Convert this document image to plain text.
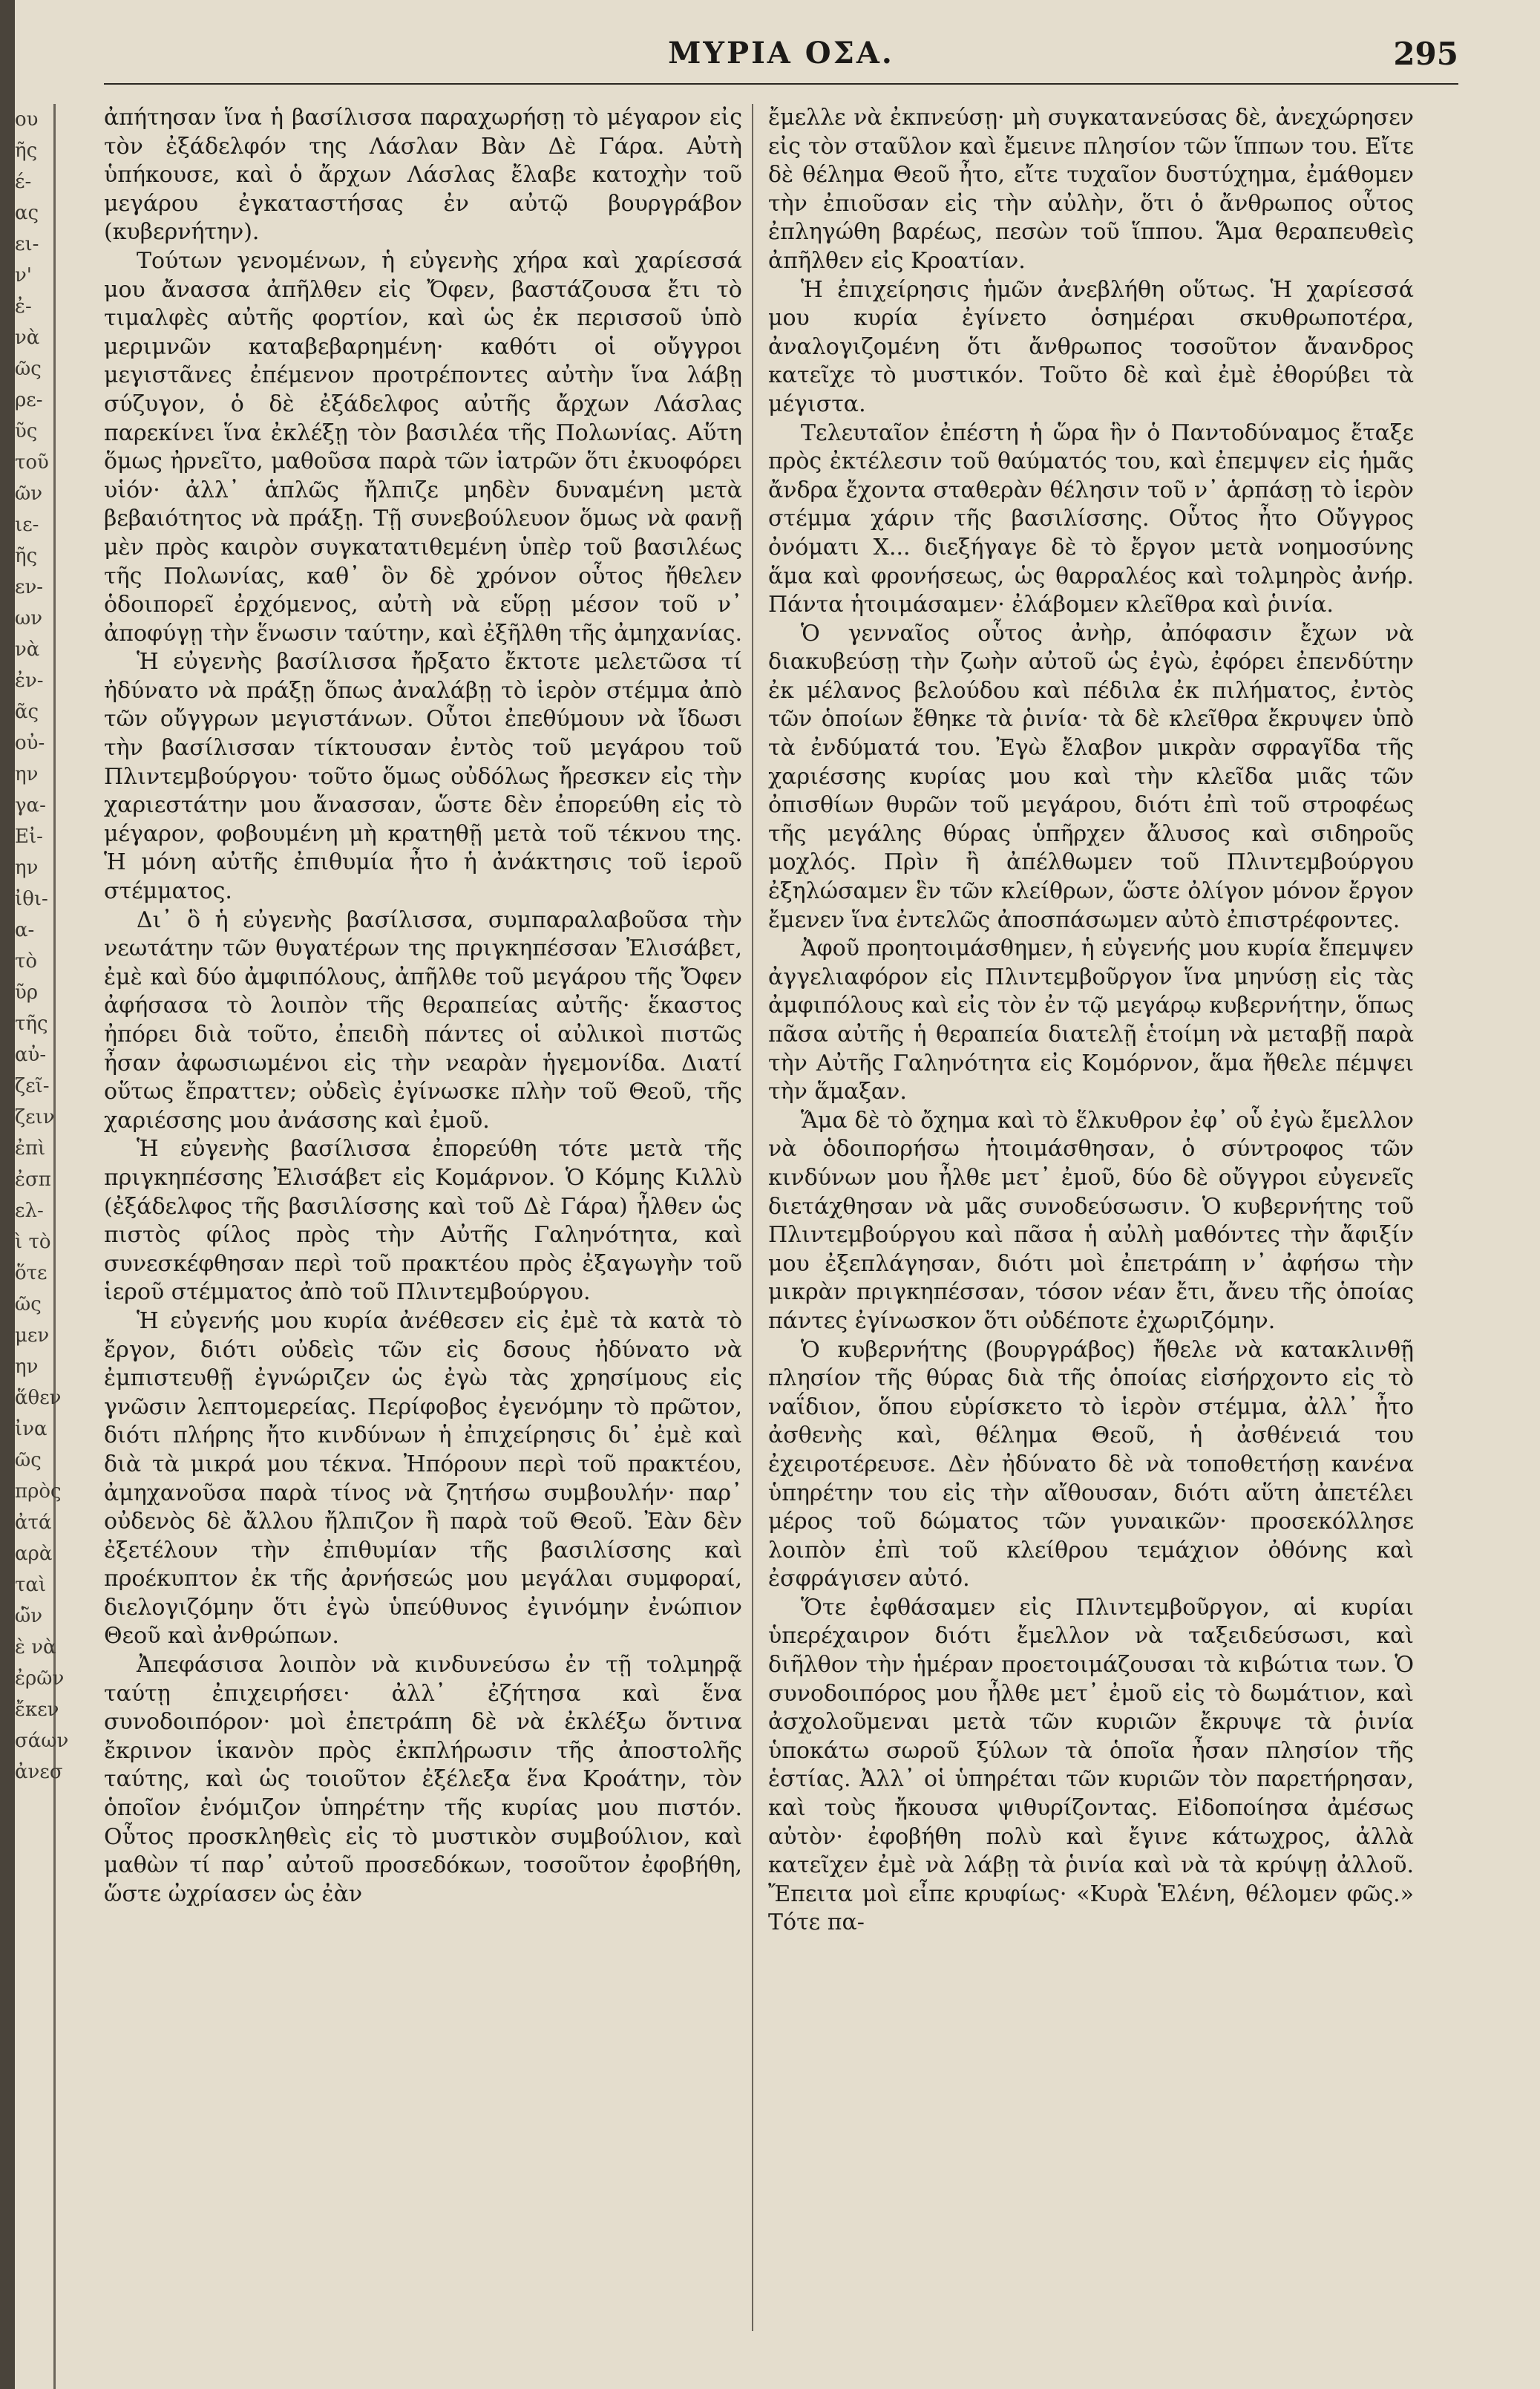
ου
ῆς
έ-
ας
ει-
ν'
ἐ-
νὰ
ῶς
ρε-
ῦς
τοῦ
ῶν
ιε-
ῆς
εν-
ων
νὰ
ἐν-
ᾶς
οὐ-
ην
γα-
Εἰ-
ην
ἰθι-
α-
τὸ
ῦρ
τῆς
αὐ-
ζεῖ-
ζειν
ἐπὶ
ἐσπ
ελ-
ὶ τὸ
ὅτε
ῶς
μεν
ην
ἅθεν
ἰνα
ῶς
πρὸς
ἀτά
αρὰ
ταὶ
ὡ̃ν
ὲ νὰ
ἐρῶν
ἔκεν
σάων
ἀνεσ
ΜΥΡΙΑ ΟΣΑ.	295

ἀπήτησαν ἵνα ἡ βασίλισσα παραχωρήσῃ τὸ μέγαρον εἰς τὸν ἐξάδελφόν της Λάσλαν Βὰν Δὲ Γάρα. Αὐτὴ ὑπήκουσε, καὶ ὁ ἄρχων Λάσλας ἔλαβε κατοχὴν τοῦ μεγάρου ἐγκαταστήσας ἐν αὐτῷ βουργράβον (κυβερνήτην).

Τούτων γενομένων, ἡ εὐγενὴς χήρα καὶ χαρίεσσά μου ἄνασσα ἀπῆλθεν εἰς Ὄφεν, βαστάζουσα ἔτι τὸ τιμαλφὲς αὐτῆς φορτίον, καὶ ὡς ἐκ περισσοῦ ὑπὸ μεριμνῶν καταβεβαρημένη· καθότι οἱ οὔγγροι μεγιστᾶνες ἐπέμενον προτρέποντες αὐτὴν ἵνα λάβῃ σύζυγον, ὁ δὲ ἐξάδελφος αὐτῆς ἄρχων Λάσλας παρεκίνει ἵνα ἐκλέξῃ τὸν βασιλέα τῆς Πολωνίας. Αὕτη ὅμως ἠρνεῖτο, μαθοῦσα παρὰ τῶν ἰατρῶν ὅτι ἐκυοφόρει υἱόν· ἀλλ᾿ ἁπλῶς ἤλπιζε μηδὲν δυναμένη μετὰ βεβαιότητος νὰ πράξῃ. Τῇ συνεβούλευον ὅμως νὰ φανῇ μὲν πρὸς καιρὸν συγκατατιθεμένη ὑπὲρ τοῦ βασιλέως τῆς Πολωνίας, καθ᾿ ὃν δὲ χρόνον οὗτος ἤθελεν ὁδοιπορεῖ ἐρχόμενος, αὐτὴ νὰ εὕρῃ μέσον τοῦ ν᾿ ἀποφύγῃ τὴν ἕνωσιν ταύτην, καὶ ἐξῆλθη τῆς ἀμηχανίας.

Ἡ εὐγενὴς βασίλισσα ἤρξατο ἔκτοτε μελετῶσα τί ἠδύνατο νὰ πράξῃ ὅπως ἀναλάβῃ τὸ ἱερὸν στέμμα ἀπὸ τῶν οὔγγρων μεγιστάνων. Οὗτοι ἐπεθύμουν νὰ ἴδωσι τὴν βασίλισσαν τίκτουσαν ἐντὸς τοῦ μεγάρου τοῦ Πλιντεμβούργου· τοῦτο ὅμως οὐδόλως ἤρεσκεν εἰς τὴν χαριεστάτην μου ἄνασσαν, ὥστε δὲν ἐπορεύθη εἰς τὸ μέγαρον, φοβουμένη μὴ κρατηθῇ μετὰ τοῦ τέκνου της. Ἡ μόνη αὐτῆς ἐπιθυμία ἦτο ἡ ἀνάκτησις τοῦ ἱεροῦ στέμματος.

Δι᾿ ὃ ἡ εὐγενὴς βασίλισσα, συμπαραλαβοῦσα τὴν νεωτάτην τῶν θυγατέρων της πριγκηπέσσαν Ἐλισάβετ, ἐμὲ καὶ δύο ἀμφιπόλους, ἀπῆλθε τοῦ μεγάρου τῆς Ὄφεν ἀφήσασα τὸ λοιπὸν τῆς θεραπείας αὐτῆς· ἕκαστος ἠπόρει διὰ τοῦτο, ἐπειδὴ πάντες οἱ αὐλικοὶ πιστῶς ἦσαν ἀφωσιωμένοι εἰς τὴν νεαρὰν ἡγεμονίδα. Διατί οὕτως ἔπραττεν; οὐδεὶς ἐγίνωσκε πλὴν τοῦ Θεοῦ, τῆς χαριέσσης μου ἀνάσσης καὶ ἐμοῦ.

Ἡ εὐγενὴς βασίλισσα ἐπορεύθη τότε μετὰ τῆς πριγκηπέσσης Ἐλισάβετ εἰς Κομάρνον. Ὁ Κόμης Κιλλὺ (ἐξάδελφος τῆς βασιλίσσης καὶ τοῦ Δὲ Γάρα) ἦλθεν ὡς πιστὸς φίλος πρὸς τὴν Αὐτῆς Γαληνότητα, καὶ συνεσκέφθησαν περὶ τοῦ πρακτέου πρὸς ἐξαγωγὴν τοῦ ἱεροῦ στέμματος ἀπὸ τοῦ Πλιντεμβούργου.

Ἡ εὐγενής μου κυρία ἀνέθεσεν εἰς ἐμὲ τὰ κατὰ τὸ ἔργον, διότι οὐδεὶς τῶν εἰς δσους ἠδύνατο νὰ ἐμπιστευθῇ ἐγνώριζεν ὡς ἐγὼ τὰς χρησίμους εἰς γνῶσιν λεπτομερείας. Περίφοβος ἐγενόμην τὸ πρῶτον, διότι πλήρης ἤτο κινδύνων ἡ ἐπιχείρησις δι᾿ ἐμὲ καὶ διὰ τὰ μικρά μου τέκνα. Ἠπόρουν περὶ τοῦ πρακτέου, ἀμηχανοῦσα παρὰ τίνος νὰ ζητήσω συμβουλήν· παρ᾿ οὐδενὸς δὲ ἄλλου ἤλπιζον ἢ παρὰ τοῦ Θεοῦ. Ἐὰν δὲν ἐξετέλουν τὴν ἐπιθυμίαν τῆς βασιλίσσης καὶ προέκυπτον ἐκ τῆς ἀρνήσεώς μου μεγάλαι συμφοραί, διελογιζόμην ὅτι ἐγὼ ὑπεύθυνος ἐγινόμην ἐνώπιον Θεοῦ καὶ ἀνθρώπων.

Ἀπεφάσισα λοιπὸν νὰ κινδυνεύσω ἐν τῇ τολμηρᾷ ταύτῃ ἐπιχειρήσει· ἀλλ᾿ ἐζήτησα καὶ ἕνα συνοδοιπόρον· μοὶ ἐπετράπη δὲ νὰ ἐκλέξω ὅντινα ἔκρινον ἱκανὸν πρὸς ἐκπλήρωσιν τῆς ἀποστολῆς ταύτης, καὶ ὡς τοιοῦτον ἐξέλεξα ἕνα Κροάτην, τὸν ὁποῖον ἐνόμιζον ὑπηρέτην τῆς κυρίας μου πιστόν. Οὗτος προσκληθεὶς εἰς τὸ μυστικὸν συμβούλιον, καὶ μαθὼν τί παρ᾿ αὐτοῦ προσεδόκων, τοσοῦτον ἐφοβήθη, ὥστε ὠχρίασεν ὡς ἐὰν

ἔμελλε νὰ ἐκπνεύσῃ· μὴ συγκατανεύσας δὲ, ἀνεχώρησεν εἰς τὸν σταῦλον καὶ ἔμεινε πλησίον τῶν ἵππων του. Εἴτε δὲ θέλημα Θεοῦ ἦτο, εἴτε τυχαῖον δυστύχημα, ἐμάθομεν τὴν ἐπιοῦσαν εἰς τὴν αὐλὴν, ὅτι ὁ ἄνθρωπος οὗτος ἐπληγώθη βαρέως, πεσὼν τοῦ ἵππου. Ἅμα θεραπευθεὶς ἀπῆλθεν εἰς Κροατίαν.

Ἡ ἐπιχείρησις ἡμῶν ἀνεβλήθη οὕτως. Ἡ χαρίεσσά μου κυρία ἐγίνετο ὁσημέραι σκυθρωποτέρα, ἀναλογιζομένη ὅτι ἄνθρωπος τοσοῦτον ἄνανδρος κατεῖχε τὸ μυστικόν. Τοῦτο δὲ καὶ ἐμὲ ἐθορύβει τὰ μέγιστα.

Τελευταῖον ἐπέστη ἡ ὥρα ἣν ὁ Παντοδύναμος ἔταξε πρὸς ἐκτέλεσιν τοῦ θαύματός του, καὶ ἐπεμψεν εἰς ἡμᾶς ἄνδρα ἔχοντα σταθερὰν θέλησιν τοῦ ν᾿ ἁρπάσῃ τὸ ἱερὸν στέμμα χάριν τῆς βασιλίσσης. Οὗτος ἦτο Οὔγγρος ὀνόματι Χ... διεξήγαγε δὲ τὸ ἔργον μετὰ νοημοσύνης ἅμα καὶ φρονήσεως, ὡς θαρραλέος καὶ τολμηρὸς ἀνήρ. Πάντα ἡτοιμάσαμεν· ἐλάβομεν κλεῖθρα καὶ ῥινία.

Ὁ γενναῖος οὗτος ἀνὴρ, ἀπόφασιν ἔχων νὰ διακυβεύσῃ τὴν ζωὴν αὐτοῦ ὡς ἐγὼ, ἐφόρει ἐπενδύτην ἐκ μέλανος βελούδου καὶ πέδιλα ἐκ πιλήματος, ἐντὸς τῶν ὁποίων ἔθηκε τὰ ῥινία· τὰ δὲ κλεῖθρα ἔκρυψεν ὑπὸ τὰ ἐνδύματά του. Ἐγὼ ἔλαβον μικρὰν σφραγῖδα τῆς χαριέσσης κυρίας μου καὶ τὴν κλεῖδα μιᾶς τῶν ὀπισθίων θυρῶν τοῦ μεγάρου, διότι ἐπὶ τοῦ στροφέως τῆς μεγάλης θύρας ὑπῆρχεν ἄλυσος καὶ σιδηροῦς μοχλός. Πρὶν ἢ ἀπέλθωμεν τοῦ Πλιντεμβούργου ἐξηλώσαμεν ἓν τῶν κλείθρων, ὥστε ὀλίγον μόνον ἔργον ἔμενεν ἵνα ἐντελῶς ἀποσπάσωμεν αὐτὸ ἐπιστρέφοντες.

Ἀφοῦ προητοιμάσθημεν, ἡ εὐγενής μου κυρία ἔπεμψεν ἀγγελιαφόρον εἰς Πλιντεμβοῦργον ἵνα μηνύσῃ εἰς τὰς ἀμφιπόλους καὶ εἰς τὸν ἐν τῷ μεγάρῳ κυβερνήτην, ὅπως πᾶσα αὐτῆς ἡ θεραπεία διατελῇ ἑτοίμη νὰ μεταβῇ παρὰ τὴν Αὐτῆς Γαληνότητα εἰς Κομόρνον, ἅμα ἤθελε πέμψει τὴν ἅμαξαν.

Ἅμα δὲ τὸ ὄχημα καὶ τὸ ἕλκυθρον ἐφ᾿ οὗ ἐγὼ ἔμελλον νὰ ὁδοιπορήσω ἡτοιμάσθησαν, ὁ σύντροφος τῶν κινδύνων μου ἦλθε μετ᾿ ἐμοῦ, δύο δὲ οὔγγροι εὐγενεῖς διετάχθησαν νὰ μᾶς συνοδεύσωσιν. Ὁ κυβερνήτης τοῦ Πλιντεμβούργου καὶ πᾶσα ἡ αὐλὴ μαθόντες τὴν ἄφιξίν μου ἐξεπλάγησαν, διότι μοὶ ἐπετράπη ν᾿ ἀφήσω τὴν μικρὰν πριγκηπέσσαν, τόσον νέαν ἔτι, ἄνευ τῆς ὁποίας πάντες ἐγίνωσκον ὅτι οὐδέποτε ἐχωριζόμην.

Ὁ κυβερνήτης (βουργράβος) ἤθελε νὰ κατακλινθῇ πλησίον τῆς θύρας διὰ τῆς ὁποίας εἰσήρχοντο εἰς τὸ ναΐδιον, ὅπου εὑρίσκετο τὸ ἱερὸν στέμμα, ἀλλ᾿ ἦτο ἀσθενὴς καὶ, θέλημα Θεοῦ, ἡ ἀσθένειά του ἐχειροτέρευσε. Δὲν ἠδύνατο δὲ νὰ τοποθετήσῃ κανένα ὑπηρέτην του εἰς τὴν αἴθουσαν, διότι αὕτη ἀπετέλει μέρος τοῦ δώματος τῶν γυναικῶν· προσεκόλλησε λοιπὸν ἐπὶ τοῦ κλείθρου τεμάχιον ὀθόνης καὶ ἐσφράγισεν αὐτό.

Ὅτε ἐφθάσαμεν εἰς Πλιντεμβοῦργον, αἱ κυρίαι ὑπερέχαιρον διότι ἔμελλον νὰ ταξειδεύσωσι, καὶ διῆλθον τὴν ἡμέραν προετοιμάζουσαι τὰ κιβώτια των. Ὁ συνοδοιπόρος μου ἦλθε μετ᾿ ἐμοῦ εἰς τὸ δωμάτιον, καὶ ἀσχολοῦμεναι μετὰ τῶν κυριῶν ἔκρυψε τὰ ῥινία ὑποκάτω σωροῦ ξύλων τὰ ὁποῖα ἦσαν πλησίον τῆς ἑστίας. Ἀλλ᾿ οἱ ὑπηρέται τῶν κυριῶν τὸν παρετήρησαν, καὶ τοὺς ἤκουσα ψιθυρίζοντας. Εἰδοποίησα ἀμέσως αὐτὸν· ἐφοβήθη πολὺ καὶ ἔγινε κάτωχρος, ἀλλὰ κατεῖχεν ἐμὲ νὰ λάβῃ τὰ ῥινία καὶ νὰ τὰ κρύψῃ ἀλλοῦ. Ἔπειτα μοὶ εἶπε κρυφίως· «Κυρὰ Ἑλένη, θέλομεν φῶς.» Τότε πα-
